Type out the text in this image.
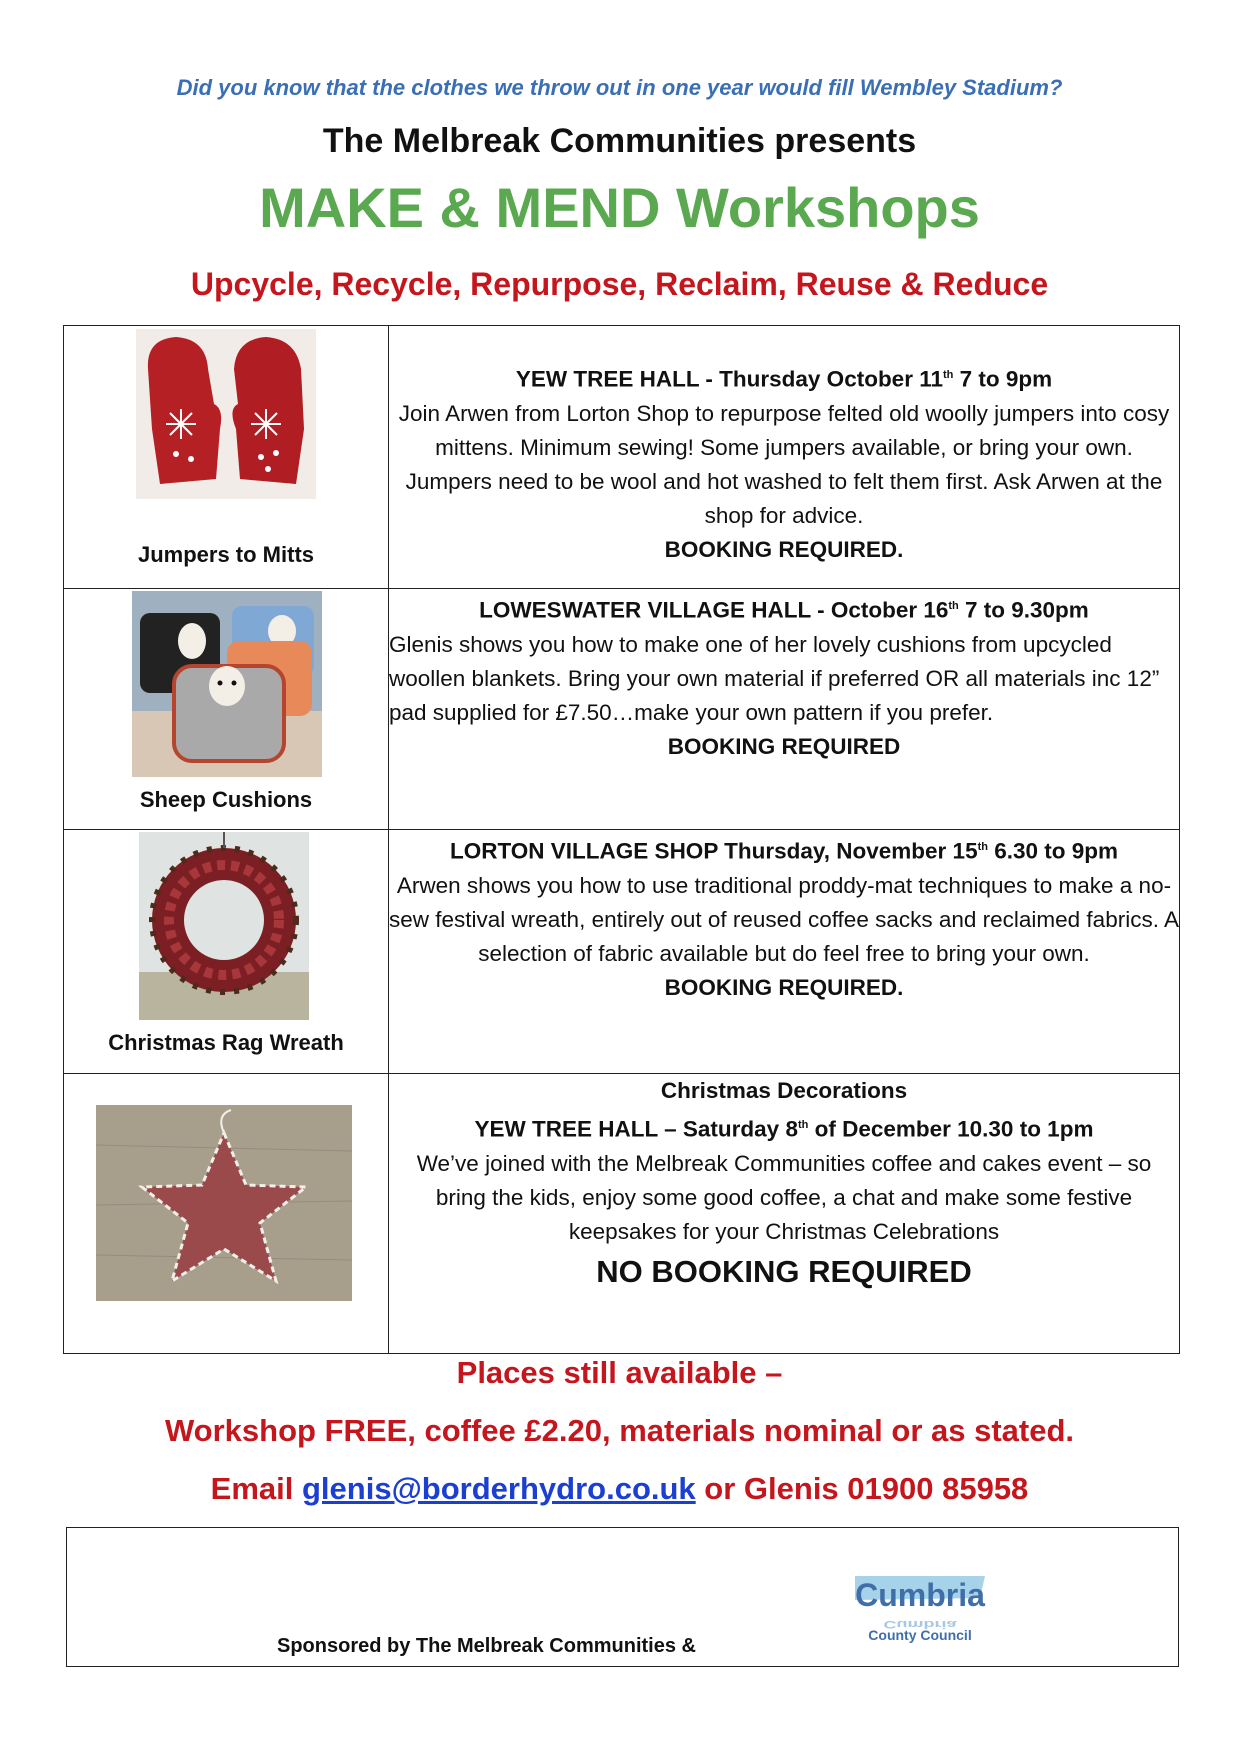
Did you know that the clothes we throw out in one year would fill Wembley Stadium?
The Melbreak Communities presents
MAKE & MEND Workshops
Upcycle, Recycle, Repurpose, Reclaim, Reuse & Reduce
Jumpers to Mitts	YEW TREE HALL - Thursday October 11th 7 to 9pm
Join Arwen from Lorton Shop to repurpose felted old woolly jumpers into cosy mittens. Minimum sewing! Some jumpers available, or bring your own. Jumpers need to be wool and hot washed to felt them first. Ask Arwen at the shop for advice.
BOOKING REQUIRED.

Sheep Cushions	LOWESWATER VILLAGE HALL - October 16th 7 to 9.30pm
Glenis shows you how to make one of her lovely cushions from upcycled woollen blankets. Bring your own material if preferred OR all materials inc 12” pad supplied for £7.50…make your own pattern if you prefer.
BOOKING REQUIRED

Christmas Rag Wreath	LORTON VILLAGE SHOP Thursday, November 15th 6.30 to 9pm
Arwen shows you how to use traditional proddy-mat techniques to make a no-sew festival wreath, entirely out of reused coffee sacks and reclaimed fabrics. A selection of fabric available but do feel free to bring your own.
BOOKING REQUIRED.

Christmas Decorations
YEW TREE HALL – Saturday 8th of December 10.30 to 1pm
We’ve joined with the Melbreak Communities coffee and cakes event – so bring the kids, enjoy some good coffee, a chat and make some festive keepsakes for your Christmas Celebrations
NO BOOKING REQUIRED
Places still available –
Workshop FREE, coffee £2.20, materials nominal or as stated.
Email glenis@borderhydro.co.uk or Glenis 01900 85958
Sponsored by The Melbreak Communities &
Cumbria
Cumbria
County Council
